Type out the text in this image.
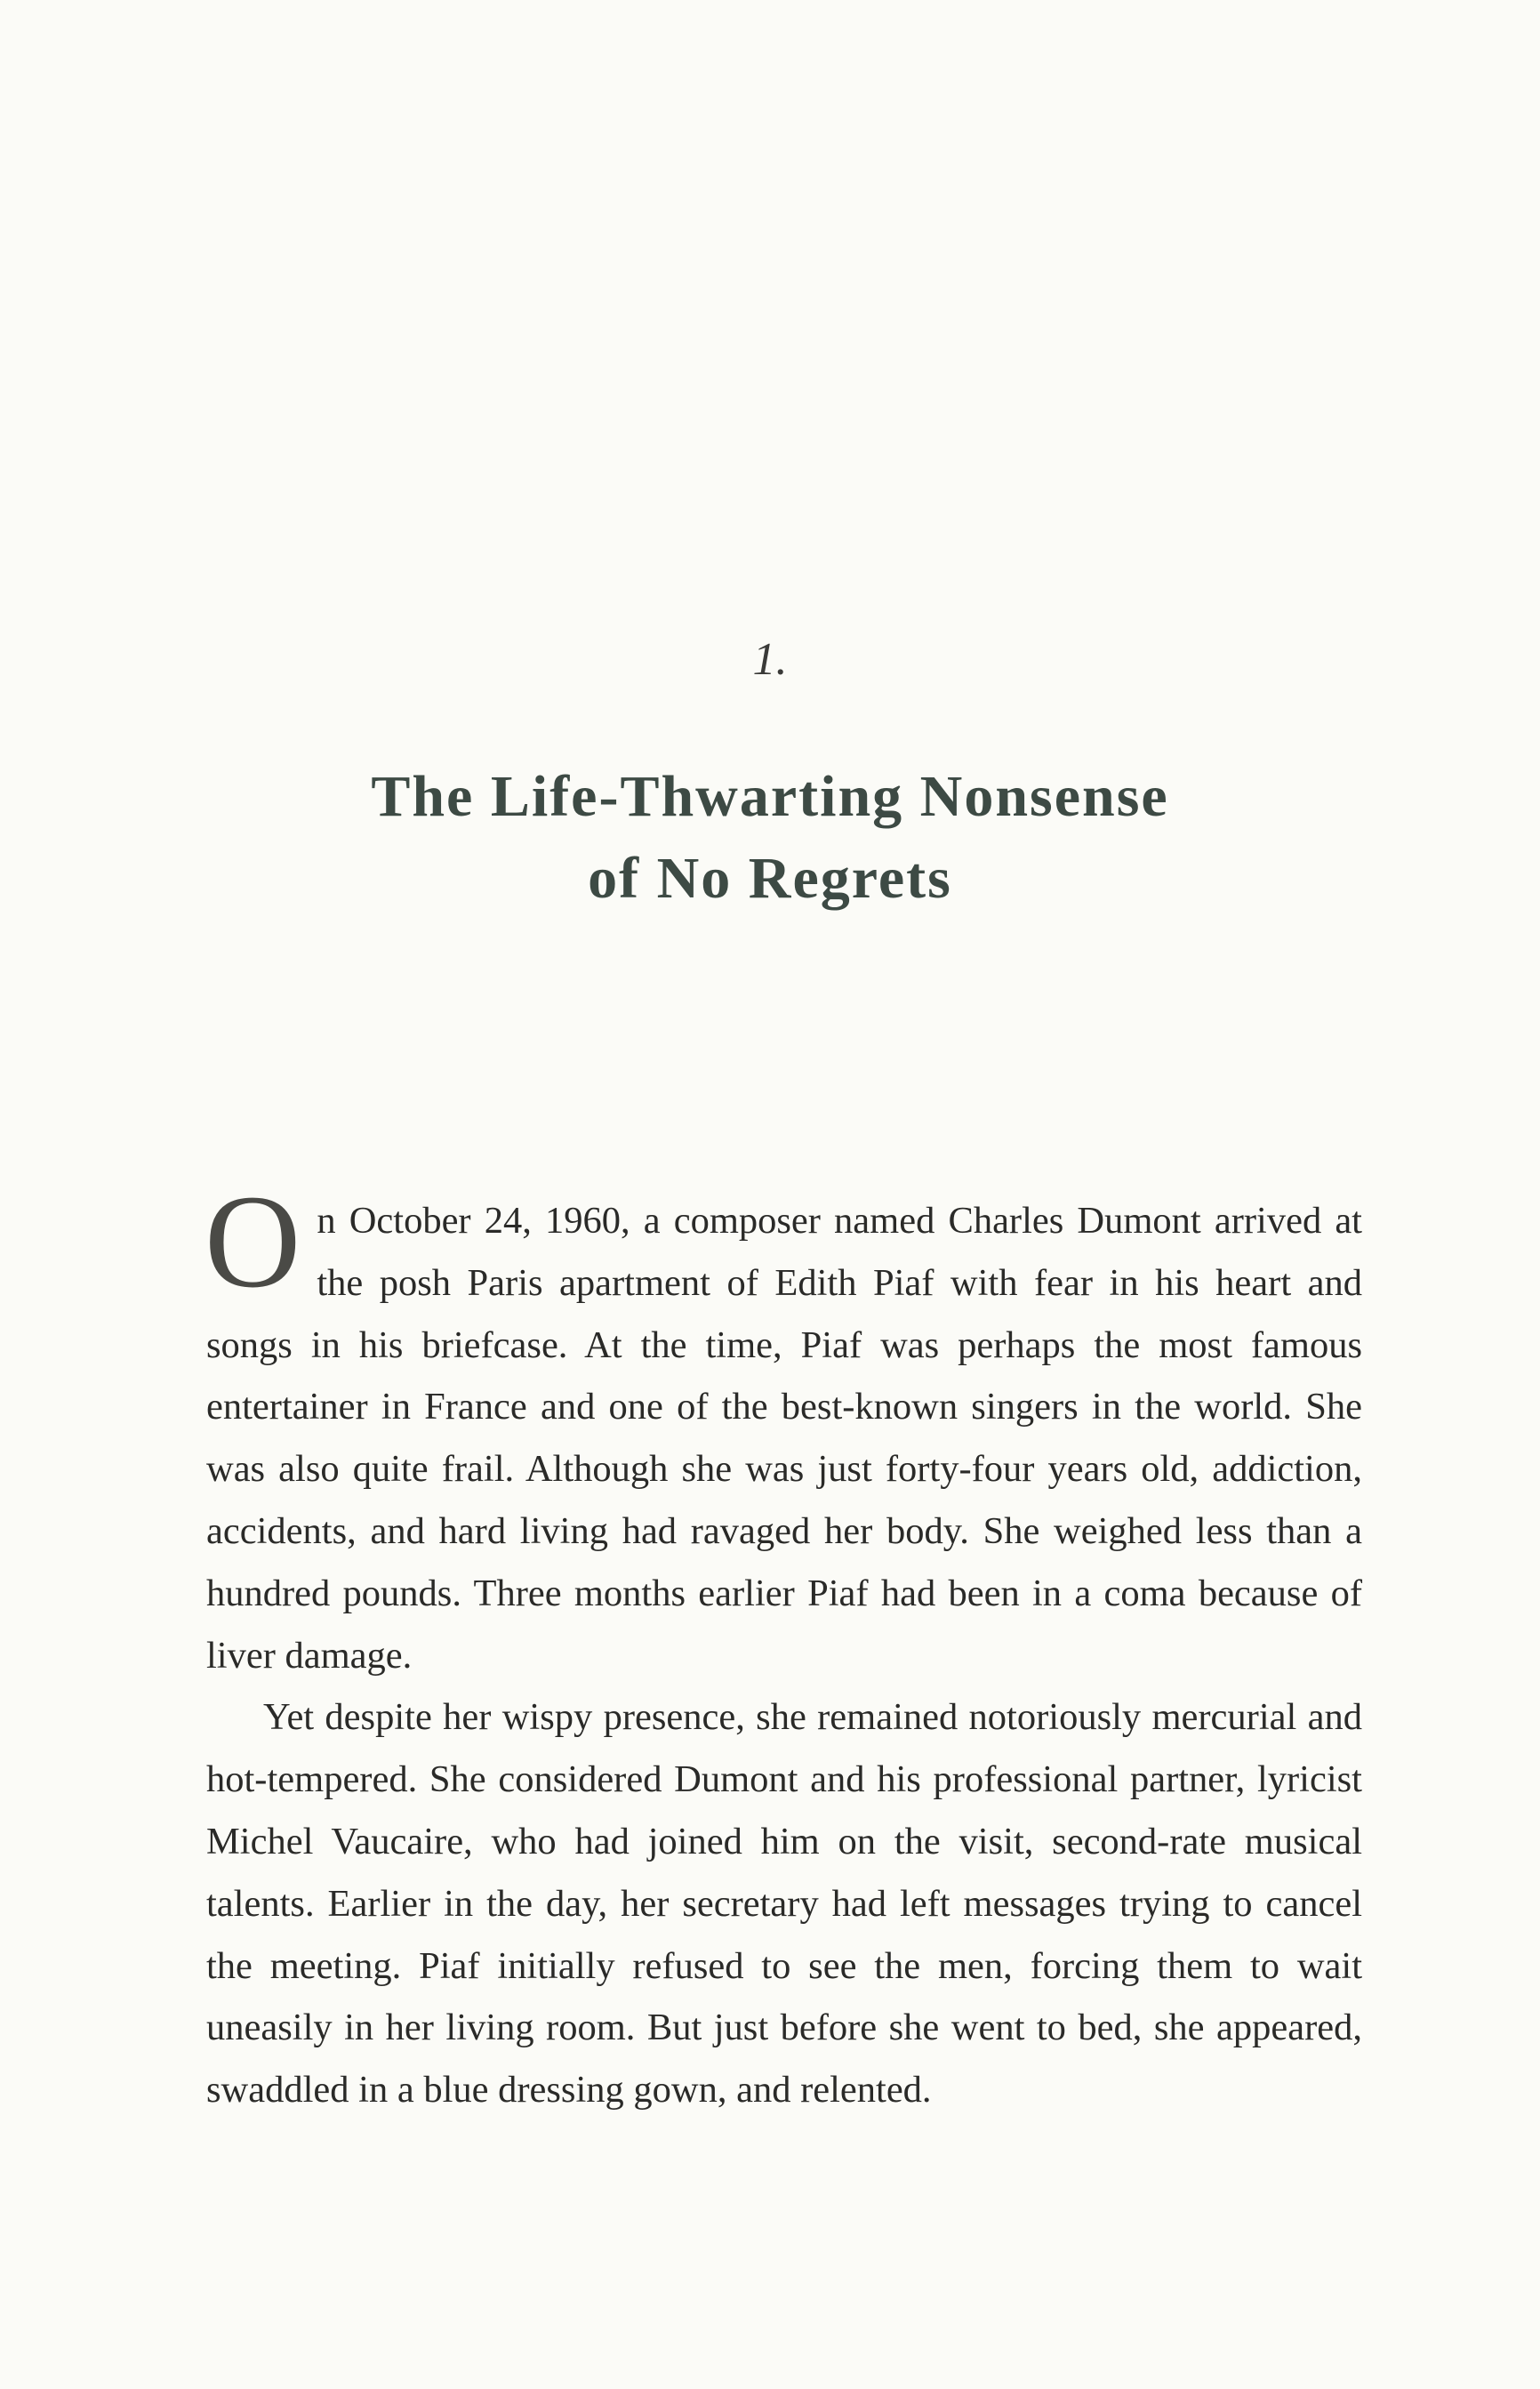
1.
The Life-Thwarting Nonsense
of No Regrets

On October 24, 1960, a composer named Charles Dumont arrived at the posh Paris apartment of Edith Piaf with fear in his heart and songs in his briefcase. At the time, Piaf was perhaps the most famous entertainer in France and one of the best-known singers in the world. She was also quite frail. Although she was just forty-four years old, addiction, accidents, and hard living had ravaged her body. She weighed less than a hundred pounds. Three months earlier Piaf had been in a coma because of liver damage.

Yet despite her wispy presence, she remained notoriously mercurial and hot-tempered. She considered Dumont and his professional partner, lyricist Michel Vaucaire, who had joined him on the visit, second-rate musical talents. Earlier in the day, her secretary had left messages trying to cancel the meeting. Piaf initially refused to see the men, forcing them to wait uneasily in her living room. But just before she went to bed, she appeared, swaddled in a blue dressing gown, and relented.
